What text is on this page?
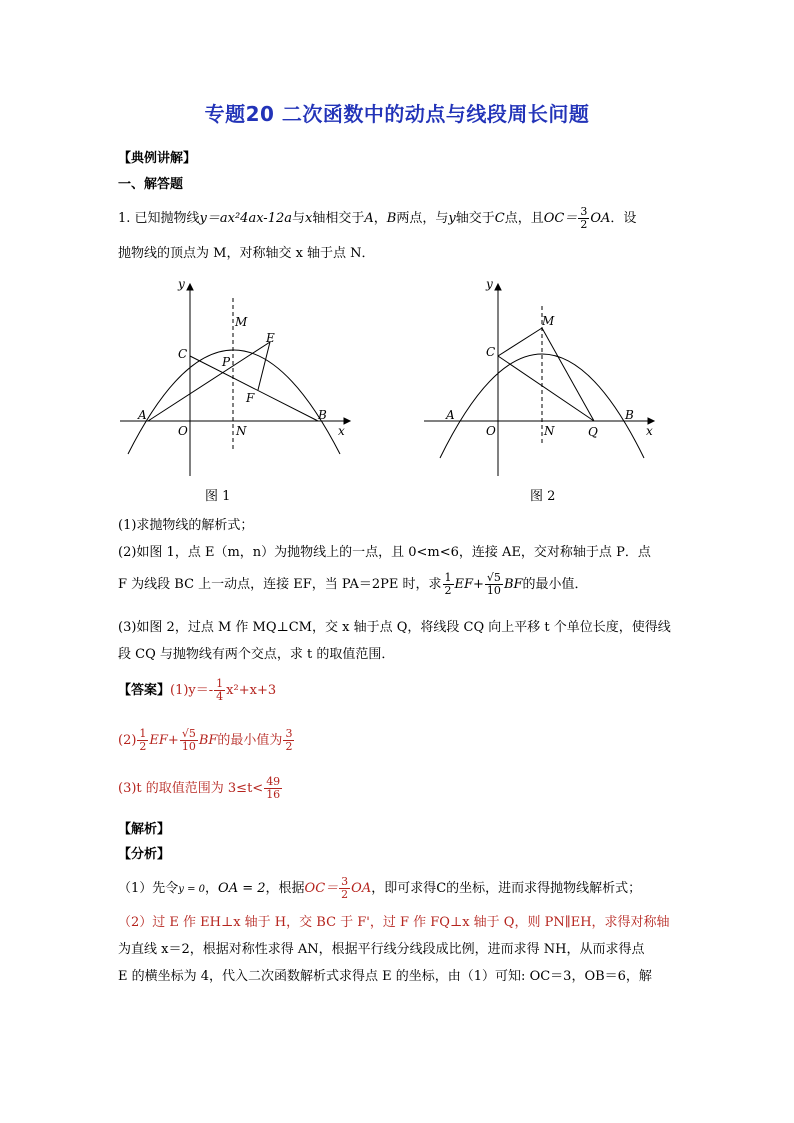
专题20 二次函数中的动点与线段周长问题
【典例讲解】
一、解答题
1. 已知抛物线y＝ax²4ax-12a与x轴相交于A，B两点，与y轴交于C点，且$OC= \frac{3}{2}$ OA．设
抛物线的顶点为 M，对称轴交 x 轴于点 N．
y
x
M
E
C
P
F
A
O	N
B
图 1
y
x
M
C
A
O	N	Q
B
图 2
(1)求抛物线的解析式；
(2)如图 1，点 E（m，n）为抛物线上的一点，且 0<m<6，连接 AE，交对称轴于点 P．点
F 为线段 BC 上一动点，连接 EF，当 PA＝2PE 时，求 $\frac{1}{2} EF+ \frac{√5}{10}$ BF的最小值．
(3)如图 2，过点 M 作 MQ⊥CM，交 x 轴于点 Q，将线段 CQ 向上平移 t 个单位长度，使得线
段 CQ 与抛物线有两个交点，求 t 的取值范围．
【答案】$(1)y=- \frac{1}{4} x^2+x+3$
$(2) \frac{1}{2} EF+ \frac{√5}{10}$ BF的最小值为 $\frac{3}{2}$
(3)t 的取值范围为 $3\le t< \frac{49}{16}$
【解析】
【分析】
（1）先令y = 0，OA = 2，根据$OC= \frac{3}{2}$ OA，即可求得C的坐标，进而求得抛物线解析式；
（2）过 E 作 EH⊥x 轴于 H，交 BC 于 F'，过 F 作 FQ⊥x 轴于 Q，则 PN∥EH，求得对称轴
为直线 x＝2，根据对称性求得 AN，根据平行线分线段成比例，进而求得 NH，从而求得点
E 的横坐标为 4，代入二次函数解析式求得点 E 的坐标，由（1）可知: OC＝3，OB＝6，解
